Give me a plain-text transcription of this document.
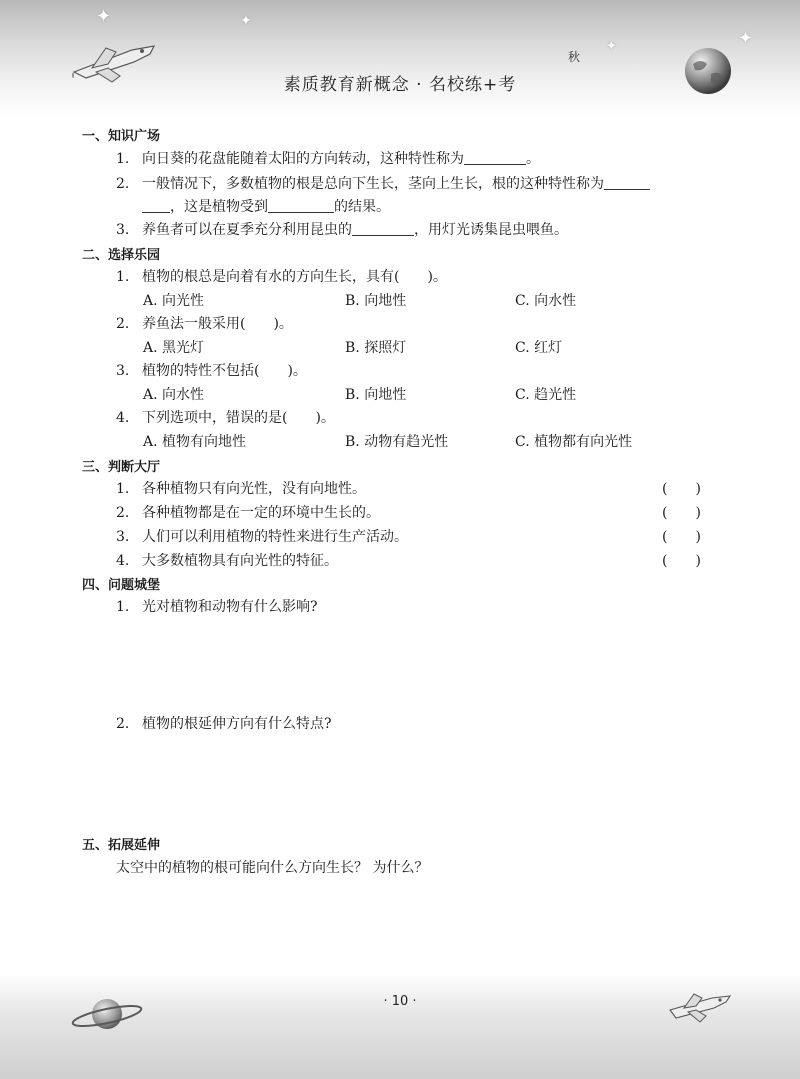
✦	✦
✦
✦
秋
素质教育新概念 · 名校练+考
一、知识广场
1. 向日葵的花盘能随着太阳的方向转动，这种特性称为	。
2. 一般情况下，多数植物的根是总向下生长，茎向上生长，根的这种特性称为
，这是植物受到	的结果。
3. 养鱼者可以在夏季充分利用昆虫的	，用灯光诱集昆虫喂鱼。
二、选择乐园
1. 植物的根总是向着有水的方向生长，具有(　　)。
A. 向光性	B. 向地性	C. 向水性
2. 养鱼法一般采用(　　)。
A. 黑光灯	B. 探照灯	C. 红灯
3. 植物的特性不包括(　　)。
A. 向水性	B. 向地性	C. 趋光性
4. 下列选项中，错误的是(　　)。
A. 植物有向地性	B. 动物有趋光性	C. 植物都有向光性
三、判断大厅
1. 各种植物只有向光性，没有向地性。	(　　)
2. 各种植物都是在一定的环境中生长的。	(　　)
3. 人们可以利用植物的特性来进行生产活动。	(　　)
4. 大多数植物具有向光性的特征。	(　　)
四、问题城堡
1. 光对植物和动物有什么影响?
2. 植物的根延伸方向有什么特点?
五、拓展延伸
太空中的植物的根可能向什么方向生长？ 为什么？
· 10 ·
